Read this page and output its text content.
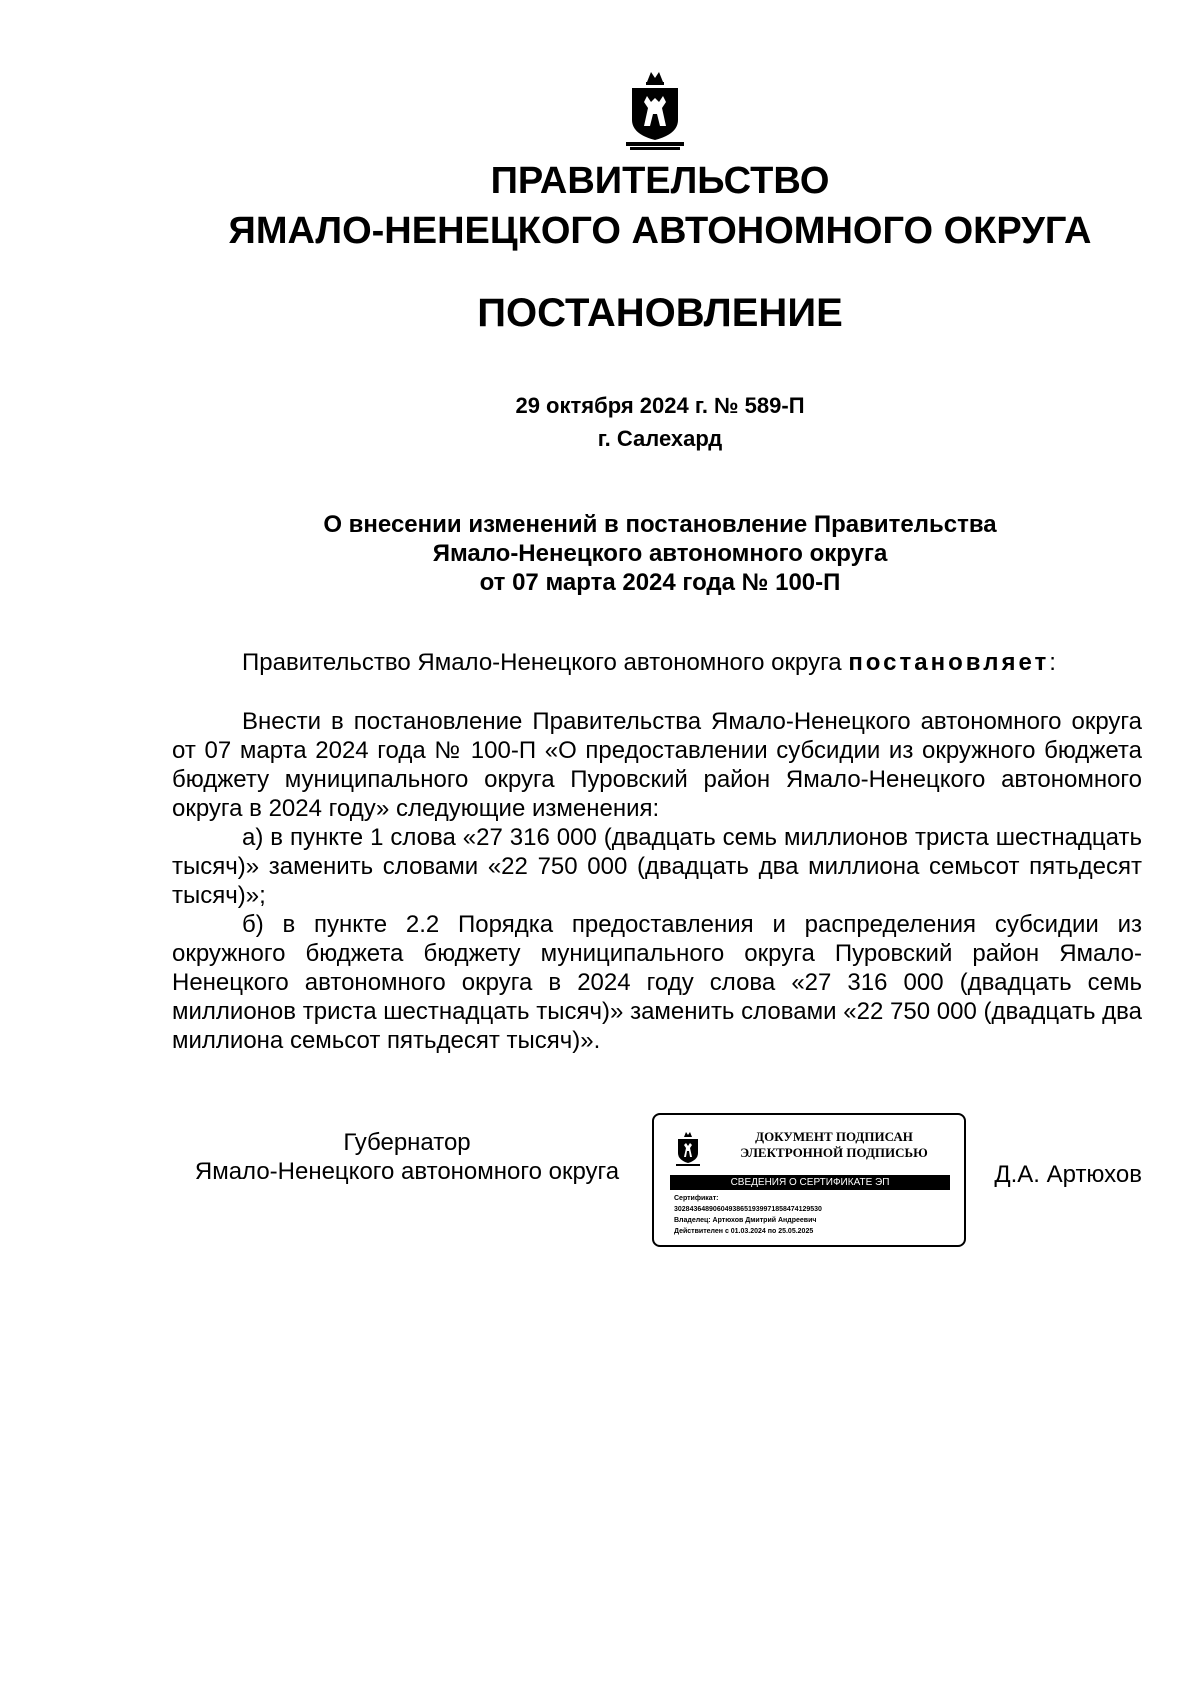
ПРАВИТЕЛЬСТВО
ЯМАЛО-НЕНЕЦКОГО АВТОНОМНОГО ОКРУГА
ПОСТАНОВЛЕНИЕ
29 октября 2024 г. № 589-П
г. Салехард
О внесении изменений в постановление Правительства
Ямало-Ненецкого автономного округа
от 07 марта 2024 года № 100-П
Правительство Ямало-Ненецкого автономного округа постановляет:

Внести в постановление Правительства Ямало-Ненецкого автономного округа от 07 марта 2024 года № 100-П «О предоставлении субсидии из окружного бюджета бюджету муниципального округа Пуровский район Ямало-Ненецкого автономного округа в 2024 году» следующие изменения:

а) в пункте 1 слова «27 316 000 (двадцать семь миллионов триста шестнадцать тысяч)» заменить словами «22 750 000 (двадцать два миллиона семьсот пятьдесят тысяч)»;

б) в пункте 2.2 Порядка предоставления и распределения субсидии из окружного бюджета бюджету муниципального округа Пуровский район Ямало-Ненецкого автономного округа в 2024 году слова «27 316 000 (двадцать семь миллионов триста шестнадцать тысяч)» заменить словами «22 750 000 (двадцать два миллиона семьсот пятьдесят тысяч)».

Губернатор
Ямало-Ненецкого автономного округа
ДОКУМЕНТ ПОДПИСАН
ЭЛЕКТРОННОЙ ПОДПИСЬЮ
СВЕДЕНИЯ О СЕРТИФИКАТЕ ЭП
Сертификат:
30284364890604938651939971858474129530
Владелец: Артюхов Дмитрий Андреевич
Действителен с 01.03.2024 по 25.05.2025
Д.А. Артюхов
